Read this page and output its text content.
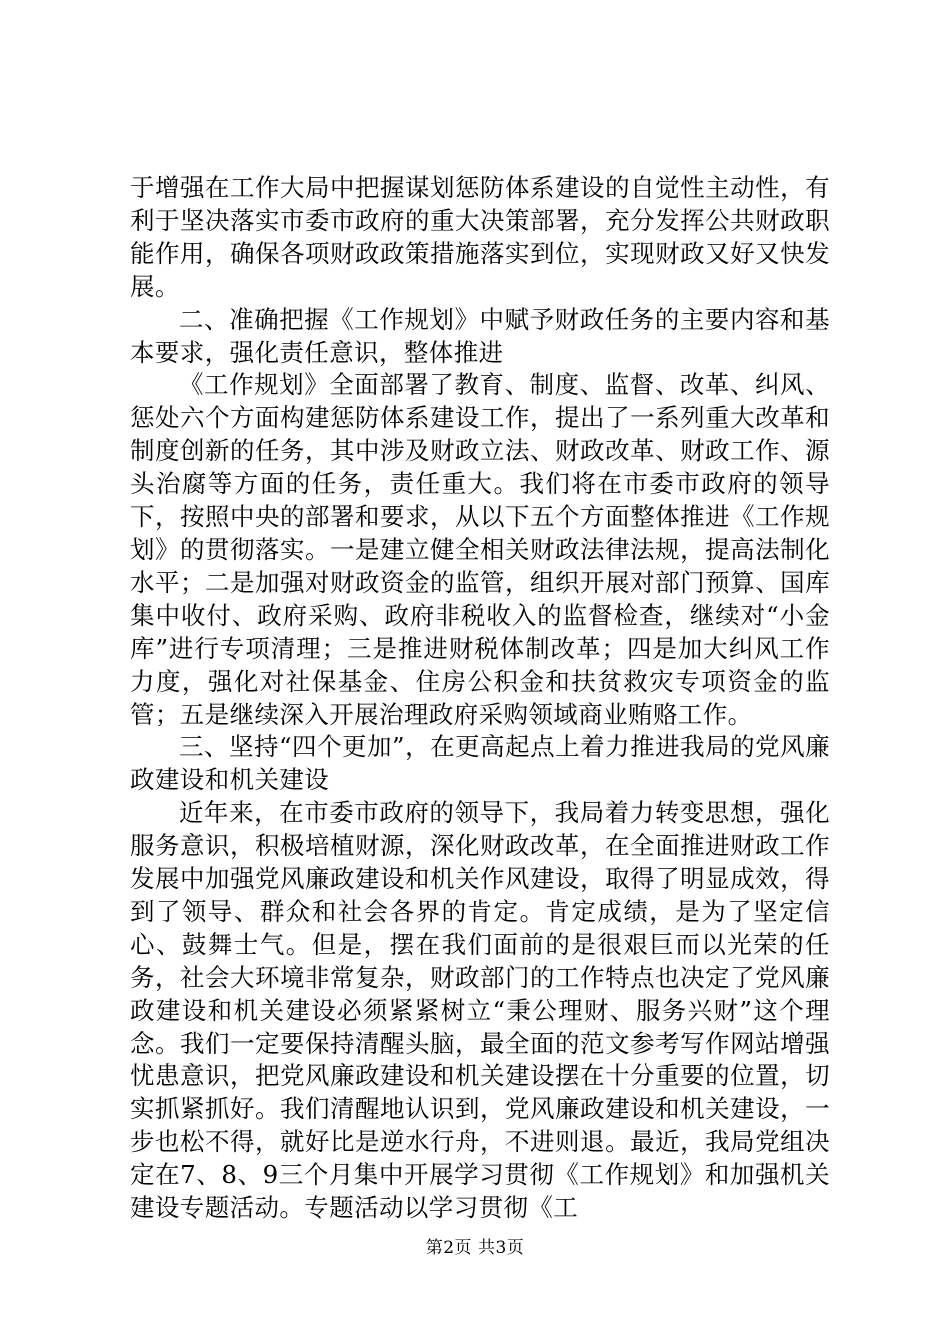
于增强在工作大局中把握谋划惩防体系建设的自觉性主动性，有利于坚决落实市委市政府的重大决策部署，充分发挥公共财政职能作用，确保各项财政政策措施落实到位，实现财政又好又快发展。

二、准确把握《工作规划》中赋予财政任务的主要内容和基本要求，强化责任意识，整体推进

《工作规划》全面部署了教育、制度、监督、改革、纠风、惩处六个方面构建惩防体系建设工作，提出了一系列重大改革和制度创新的任务，其中涉及财政立法、财政改革、财政工作、源头治腐等方面的任务，责任重大。我们将在市委市政府的领导下，按照中央的部署和要求，从以下五个方面整体推进《工作规划》的贯彻落实。一是建立健全相关财政法律法规，提高法制化水平；二是加强对财政资金的监管，组织开展对部门预算、国库集中收付、政府采购、政府非税收入的监督检查，继续对“小金库”进行专项清理；三是推进财税体制改革；四是加大纠风工作力度，强化对社保基金、住房公积金和扶贫救灾专项资金的监管；五是继续深入开展治理政府采购领域商业贿赂工作。

三、坚持“四个更加”，在更高起点上着力推进我局的党风廉政建设和机关建设

近年来，在市委市政府的领导下，我局着力转变思想，强化服务意识，积极培植财源，深化财政改革，在全面推进财政工作发展中加强党风廉政建设和机关作风建设，取得了明显成效，得到了领导、群众和社会各界的肯定。肯定成绩，是为了坚定信心、鼓舞士气。但是，摆在我们面前的是很艰巨而以光荣的任务，社会大环境非常复杂，财政部门的工作特点也决定了党风廉政建设和机关建设必须紧紧树立“秉公理财、服务兴财”这个理念。我们一定要保持清醒头脑，最全面的范文参考写作网站增强忧患意识，把党风廉政建设和机关建设摆在十分重要的位置，切实抓紧抓好。我们清醒地认识到，党风廉政建设和机关建设，一步也松不得，就好比是逆水行舟，不进则退。最近，我局党组决定在7、8、9三个月集中开展学习贯彻《工作规划》和加强机关建设专题活动。专题活动以学习贯彻《工

第2页 共3页
